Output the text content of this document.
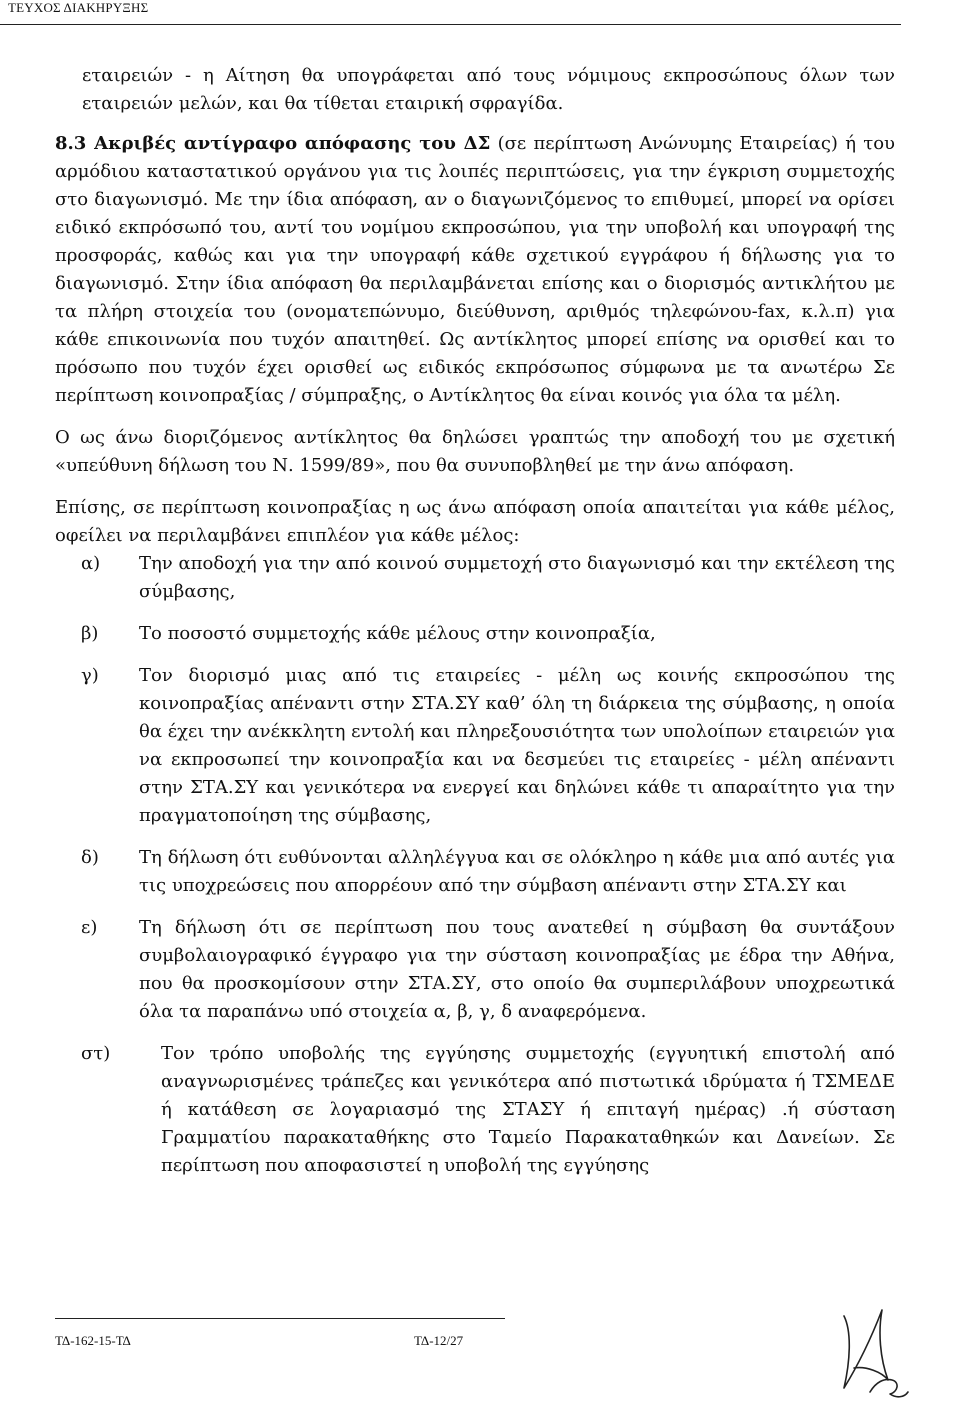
ΤΕΥΧΟΣ ΔΙΑΚΗΡΥΞΗΣ

εταιρειών - η Αίτηση θα υπογράφεται από τους νόμιμους εκπροσώπους όλων των εταιρειών μελών, και θα τίθεται εταιρική σφραγίδα.

8.3 Ακριβές αντίγραφο απόφασης του ΔΣ (σε περίπτωση Ανώνυμης Εταιρείας) ή του αρμόδιου καταστατικού οργάνου για τις λοιπές περιπτώσεις, για την έγκριση συμμετοχής στο διαγωνισμό. Με την ίδια απόφαση, αν ο διαγωνιζόμενος το επιθυμεί, μπορεί να ορίσει ειδικό εκπρόσωπό του, αντί του νομίμου εκπροσώπου, για την υποβολή και υπογραφή της προσφοράς, καθώς και για την υπογραφή κάθε σχετικού εγγράφου ή δήλωσης για το διαγωνισμό. Στην ίδια απόφαση θα περιλαμβάνεται επίσης και ο διορισμός αντικλήτου με τα πλήρη στοιχεία του (ονοματεπώνυμο, διεύθυνση, αριθμός τηλεφώνου-fax, κ.λ.π) για κάθε επικοινωνία που τυχόν απαιτηθεί. Ως αντίκλητος μπορεί επίσης να ορισθεί και το πρόσωπο που τυχόν έχει ορισθεί ως ειδικός εκπρόσωπος σύμφωνα με τα ανωτέρω Σε περίπτωση κοινοπραξίας / σύμπραξης, ο Αντίκλητος θα είναι κοινός για όλα τα μέλη.

Ο ως άνω διοριζόμενος αντίκλητος θα δηλώσει γραπτώς την αποδοχή του με σχετική «υπεύθυνη δήλωση του Ν. 1599/89», που θα συνυποβληθεί με την άνω απόφαση.

Επίσης, σε περίπτωση κοινοπραξίας η ως άνω απόφαση οποία απαιτείται για κάθε μέλος, οφείλει να περιλαμβάνει επιπλέον για κάθε μέλος:

α)	Την αποδοχή για την από κοινού συμμετοχή στο διαγωνισμό και την εκτέλεση της σύμβασης,
β)	Το ποσοστό συμμετοχής κάθε μέλους στην κοινοπραξία,
γ)	Τον διορισμό μιας από τις εταιρείες - μέλη ως κοινής εκπροσώπου της κοινοπραξίας απέναντι στην ΣΤΑ.ΣΥ καθ’ όλη τη διάρκεια της σύμβασης, η οποία θα έχει την ανέκκλητη εντολή και πληρεξουσιότητα των υπολοίπων εταιρειών για να εκπροσωπεί την κοινοπραξία και να δεσμεύει τις εταιρείες - μέλη απέναντι στην ΣΤΑ.ΣΥ και γενικότερα να ενεργεί και δηλώνει κάθε τι απαραίτητο για την πραγματοποίηση της σύμβασης,
δ)	Τη δήλωση ότι ευθύνονται αλληλέγγυα και σε ολόκληρο η κάθε μια από αυτές για τις υποχρεώσεις που απορρέουν από την σύμβαση απέναντι στην ΣΤΑ.ΣΥ και
ε)	Τη δήλωση ότι σε περίπτωση που τους ανατεθεί η σύμβαση θα συντάξουν συμβολαιογραφικό έγγραφο για την σύσταση κοινοπραξίας με έδρα την Αθήνα, που θα προσκομίσουν στην ΣΤΑ.ΣΥ, στο οποίο θα συμπεριλάβουν υποχρεωτικά όλα τα παραπάνω υπό στοιχεία α, β, γ, δ αναφερόμενα.
στ)	Τον τρόπο υποβολής της εγγύησης συμμετοχής (εγγυητική επιστολή από αναγνωρισμένες τράπεζες και γενικότερα από πιστωτικά ιδρύματα ή ΤΣΜΕΔΕ ή κατάθεση σε λογαριασμό της ΣΤΑΣΥ ή επιταγή ημέρας) .ή σύσταση Γραμματίου παρακαταθήκης στο Ταμείο Παρακαταθηκών και Δανείων. Σε περίπτωση που αποφασιστεί η υποβολή της εγγύησης
ΤΔ-162-15-ΤΔ	ΤΔ-12/27
